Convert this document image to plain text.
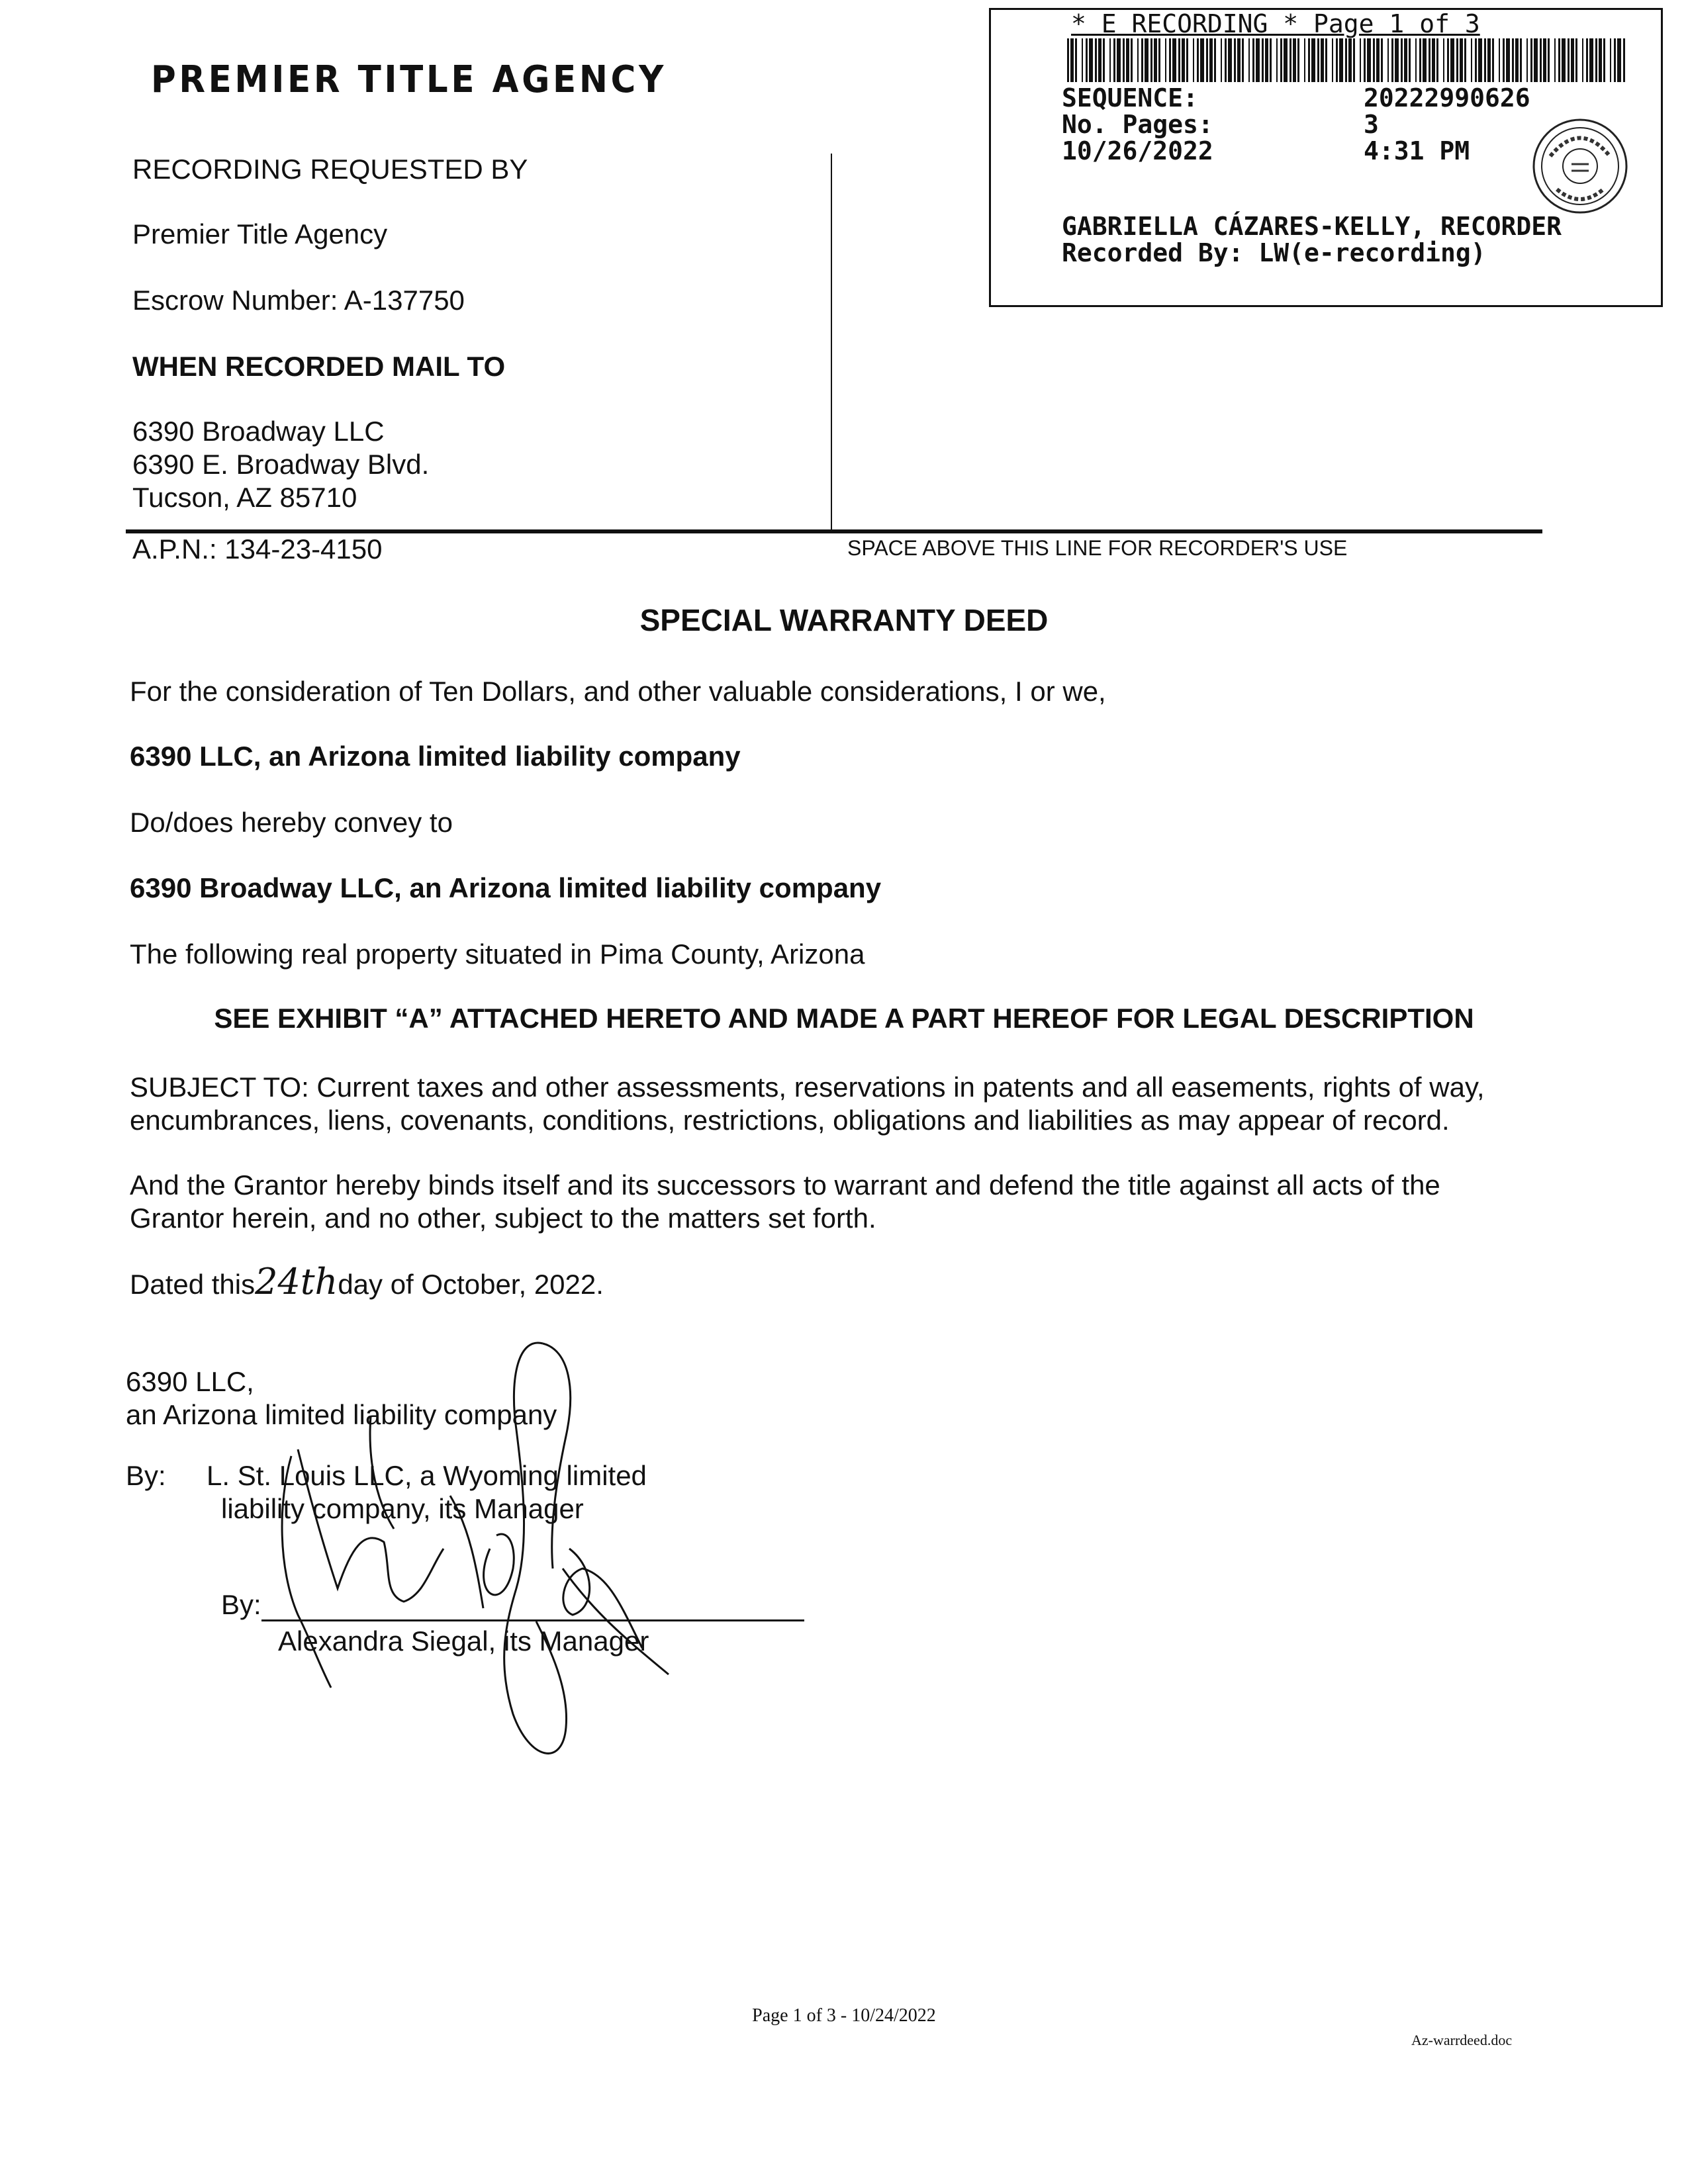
PREMIER TITLE AGENCY
RECORDING REQUESTED BY
Premier Title Agency
Escrow Number: A-137750
WHEN RECORDED MAIL TO
6390 Broadway LLC
6390 E. Broadway Blvd.
Tucson, AZ 85710
A.P.N.: 134-23-4150	SPACE ABOVE THIS LINE FOR RECORDER'S USE
* E RECORDING * Page 1 of 3
SEQUENCE:	20222990626
No. Pages:	3
10/26/2022	4:31 PM
GABRIELLA CÁZARES-KELLY, RECORDER
Recorded By: LW(e-recording)
SPECIAL WARRANTY DEED
For the consideration of Ten Dollars, and other valuable considerations, I or we,
6390 LLC, an Arizona limited liability company
Do/does hereby convey to
6390 Broadway LLC, an Arizona limited liability company
The following real property situated in Pima County, Arizona
SEE EXHIBIT “A” ATTACHED HERETO AND MADE A PART HEREOF FOR LEGAL DESCRIPTION
SUBJECT TO: Current taxes and other assessments, reservations in patents and all easements, rights of way,
encumbrances, liens, covenants, conditions, restrictions, obligations and liabilities as may appear of record.
And the Grantor hereby binds itself and its successors to warrant and defend the title against all acts of the
Grantor herein, and no other, subject to the matters set forth.
Dated this24thday of October, 2022.
6390 LLC,
an Arizona limited liability company
By: L. St. Louis LLC, a Wyoming limited
liability company, its Manager
By:
Alexandra Siegal, its Manager
Page 1 of 3 - 10/24/2022
Az-warrdeed.doc
